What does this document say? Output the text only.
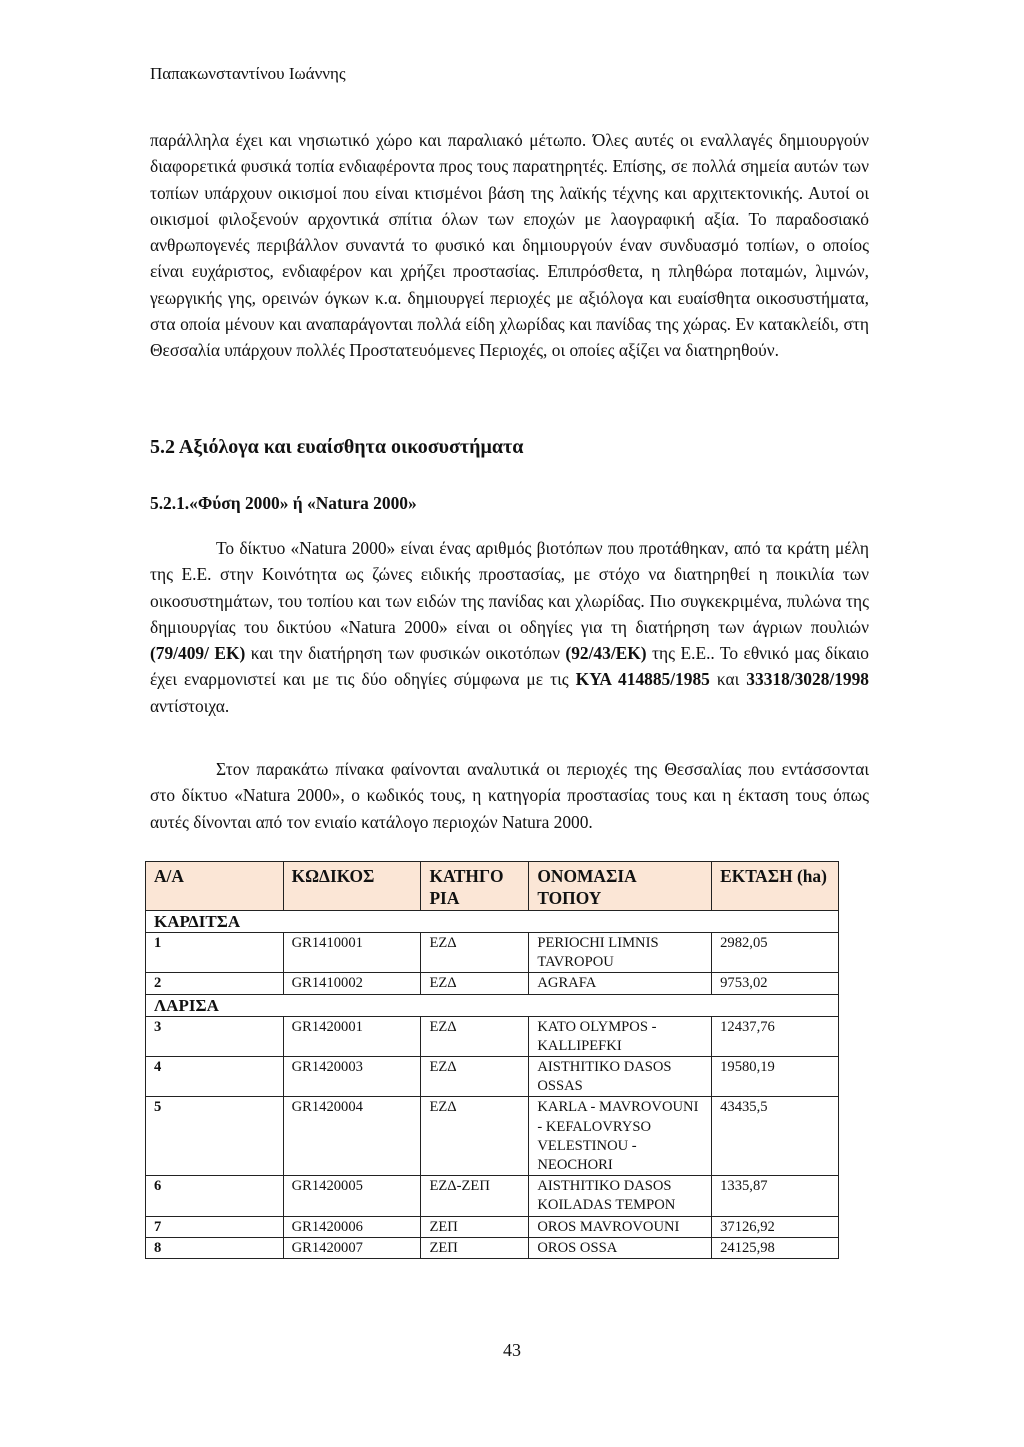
Παπακωνσταντίνου Ιωάννης

παράλληλα έχει και νησιωτικό χώρο και παραλιακό μέτωπο. Όλες αυτές οι εναλλαγές δημιουργούν διαφορετικά φυσικά τοπία ενδιαφέροντα προς τους παρατηρητές. Επίσης, σε πολλά σημεία αυτών των τοπίων υπάρχουν οικισμοί που είναι κτισμένοι βάση της λαϊκής τέχνης και αρχιτεκτονικής. Αυτοί οι οικισμοί φιλοξενούν αρχοντικά σπίτια όλων των εποχών με λαογραφική αξία. Το παραδοσιακό ανθρωπογενές περιβάλλον συναντά το φυσικό και δημιουργούν έναν συνδυασμό τοπίων, ο οποίος είναι ευχάριστος, ενδιαφέρον και χρήζει προστασίας. Επιπρόσθετα, η πληθώρα ποταμών, λιμνών, γεωργικής γης, ορεινών όγκων κ.α. δημιουργεί περιοχές με αξιόλογα και ευαίσθητα οικοσυστήματα, στα οποία μένουν και αναπαράγονται πολλά είδη χλωρίδας και πανίδας της χώρας. Εν κατακλείδι, στη Θεσσαλία υπάρχουν πολλές Προστατευόμενες Περιοχές, οι οποίες αξίζει να διατηρηθούν.

5.2 Αξιόλογα και ευαίσθητα οικοσυστήματα
5.2.1.«Φύση 2000» ή «Natura 2000»

Το δίκτυο «Natura 2000» είναι ένας αριθμός βιοτόπων που προτάθηκαν, από τα κράτη μέλη της Ε.Ε. στην Κοινότητα ως ζώνες ειδικής προστασίας, με στόχο να διατηρηθεί η ποικιλία των οικοσυστημάτων, του τοπίου και των ειδών της πανίδας και χλωρίδας. Πιο συγκεκριμένα, πυλώνα της δημιουργίας του δικτύου «Natura 2000» είναι οι οδηγίες για τη διατήρηση των άγριων πουλιών (79/409/ ΕΚ) και την διατήρηση των φυσικών οικοτόπων (92/43/ΕΚ) της Ε.Ε.. Το εθνικό μας δίκαιο έχει εναρμονιστεί και με τις δύο οδηγίες σύμφωνα με τις ΚΥΑ 414885/1985 και 33318/3028/1998 αντίστοιχα.

Στον παρακάτω πίνακα φαίνονται αναλυτικά οι περιοχές της Θεσσαλίας που εντάσσονται στο δίκτυο «Natura 2000», ο κωδικός τους, η κατηγορία προστασίας τους και η έκταση τους όπως αυτές δίνονται από τον ενιαίο κατάλογο περιοχών Natura 2000.

Α/Α	ΚΩΔΙΚΟΣ	ΚΑΤΗΓΟ ΡΙΑ	ΟΝΟΜΑΣΙΑ ΤΟΠΟΥ	ΕΚΤΑΣΗ (ha)
ΚΑΡΔΙΤΣΑ				
1	GR1410001	ΕΖΔ	PERIOCHI LIMNIS TAVROPOU	2982,05
2	GR1410002	ΕΖΔ	AGRAFA	9753,02
ΛΑΡΙΣΑ				
3	GR1420001	ΕΖΔ	KATO OLYMPOS - KALLIPEFKI	12437,76
4	GR1420003	ΕΖΔ	AISTHITIKO DASOS OSSAS	19580,19
5	GR1420004	ΕΖΔ	KARLA - MAVROVOUNI - KEFALOVRYSO VELESTINOU - NEOCHORI	43435,5
6	GR1420005	ΕΖΔ-ΖΕΠ	AISTHITIKO DASOS KOILADAS TEMPON	1335,87
7	GR1420006	ΖΕΠ	OROS MAVROVOUNI	37126,92
8	GR1420007	ΖΕΠ	OROS OSSA	24125,98
43
